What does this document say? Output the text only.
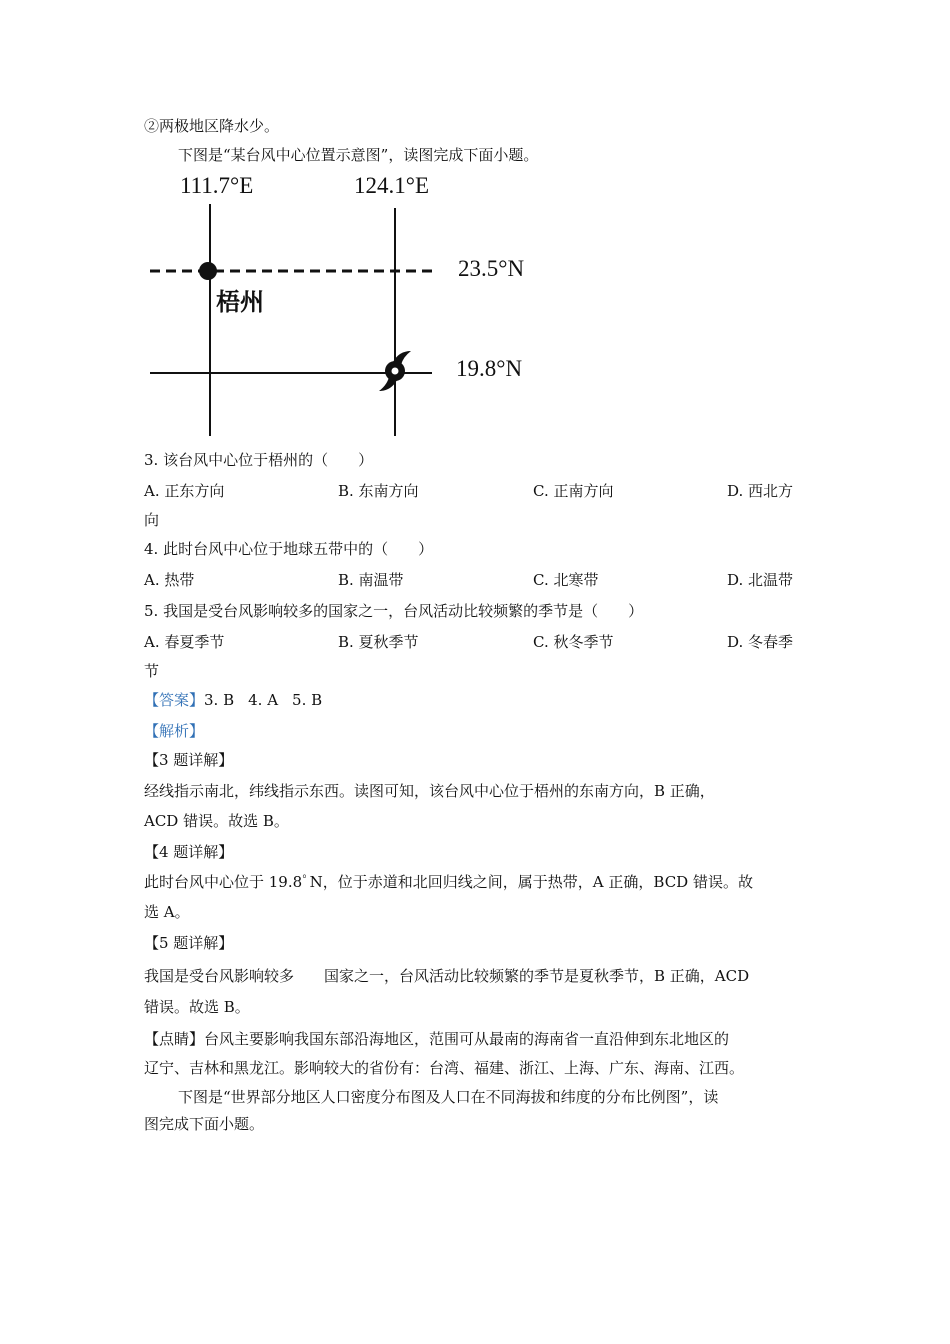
②两极地区降水少。
下图是“某台风中心位置示意图”，读图完成下面小题。
111.7°E	124.1°E
23.5°N
19.8°N
梧州
3. 该台风中心位于梧州的（　　）
A. 正东方向	B. 东南方向	C. 正南方向	D. 西北方
向
4. 此时台风中心位于地球五带中的（　　）
A. 热带	B. 南温带	C. 北寒带	D. 北温带
5. 我国是受台风影响较多的国家之一，台风活动比较频繁的季节是（　　）
A. 春夏季节	B. 夏秋季节	C. 秋冬季节	D. 冬春季
节
【答案】3. B 4. A 5. B
【解析】
【3 题详解】
经线指示南北，纬线指示东西。读图可知，该台风中心位于梧州的东南方向，B 正确，
ACD 错误。故选 B。
【4 题详解】
此时台风中心位于 19.8ﾟN，位于赤道和北回归线之间，属于热带，A 正确，BCD 错误。故
选 A。
【5 题详解】
我国是受台风影响较多 国家之一，台风活动比较频繁的季节是夏秋季节，B 正确，ACD
错误。故选 B。
【点睛】台风主要影响我国东部沿海地区，范围可从最南的海南省一直沿伸到东北地区的
辽宁、吉林和黑龙江。影响较大的省份有：台湾、福建、浙江、上海、广东、海南、江西。
下图是“世界部分地区人口密度分布图及人口在不同海拔和纬度的分布比例图”，读
图完成下面小题。
